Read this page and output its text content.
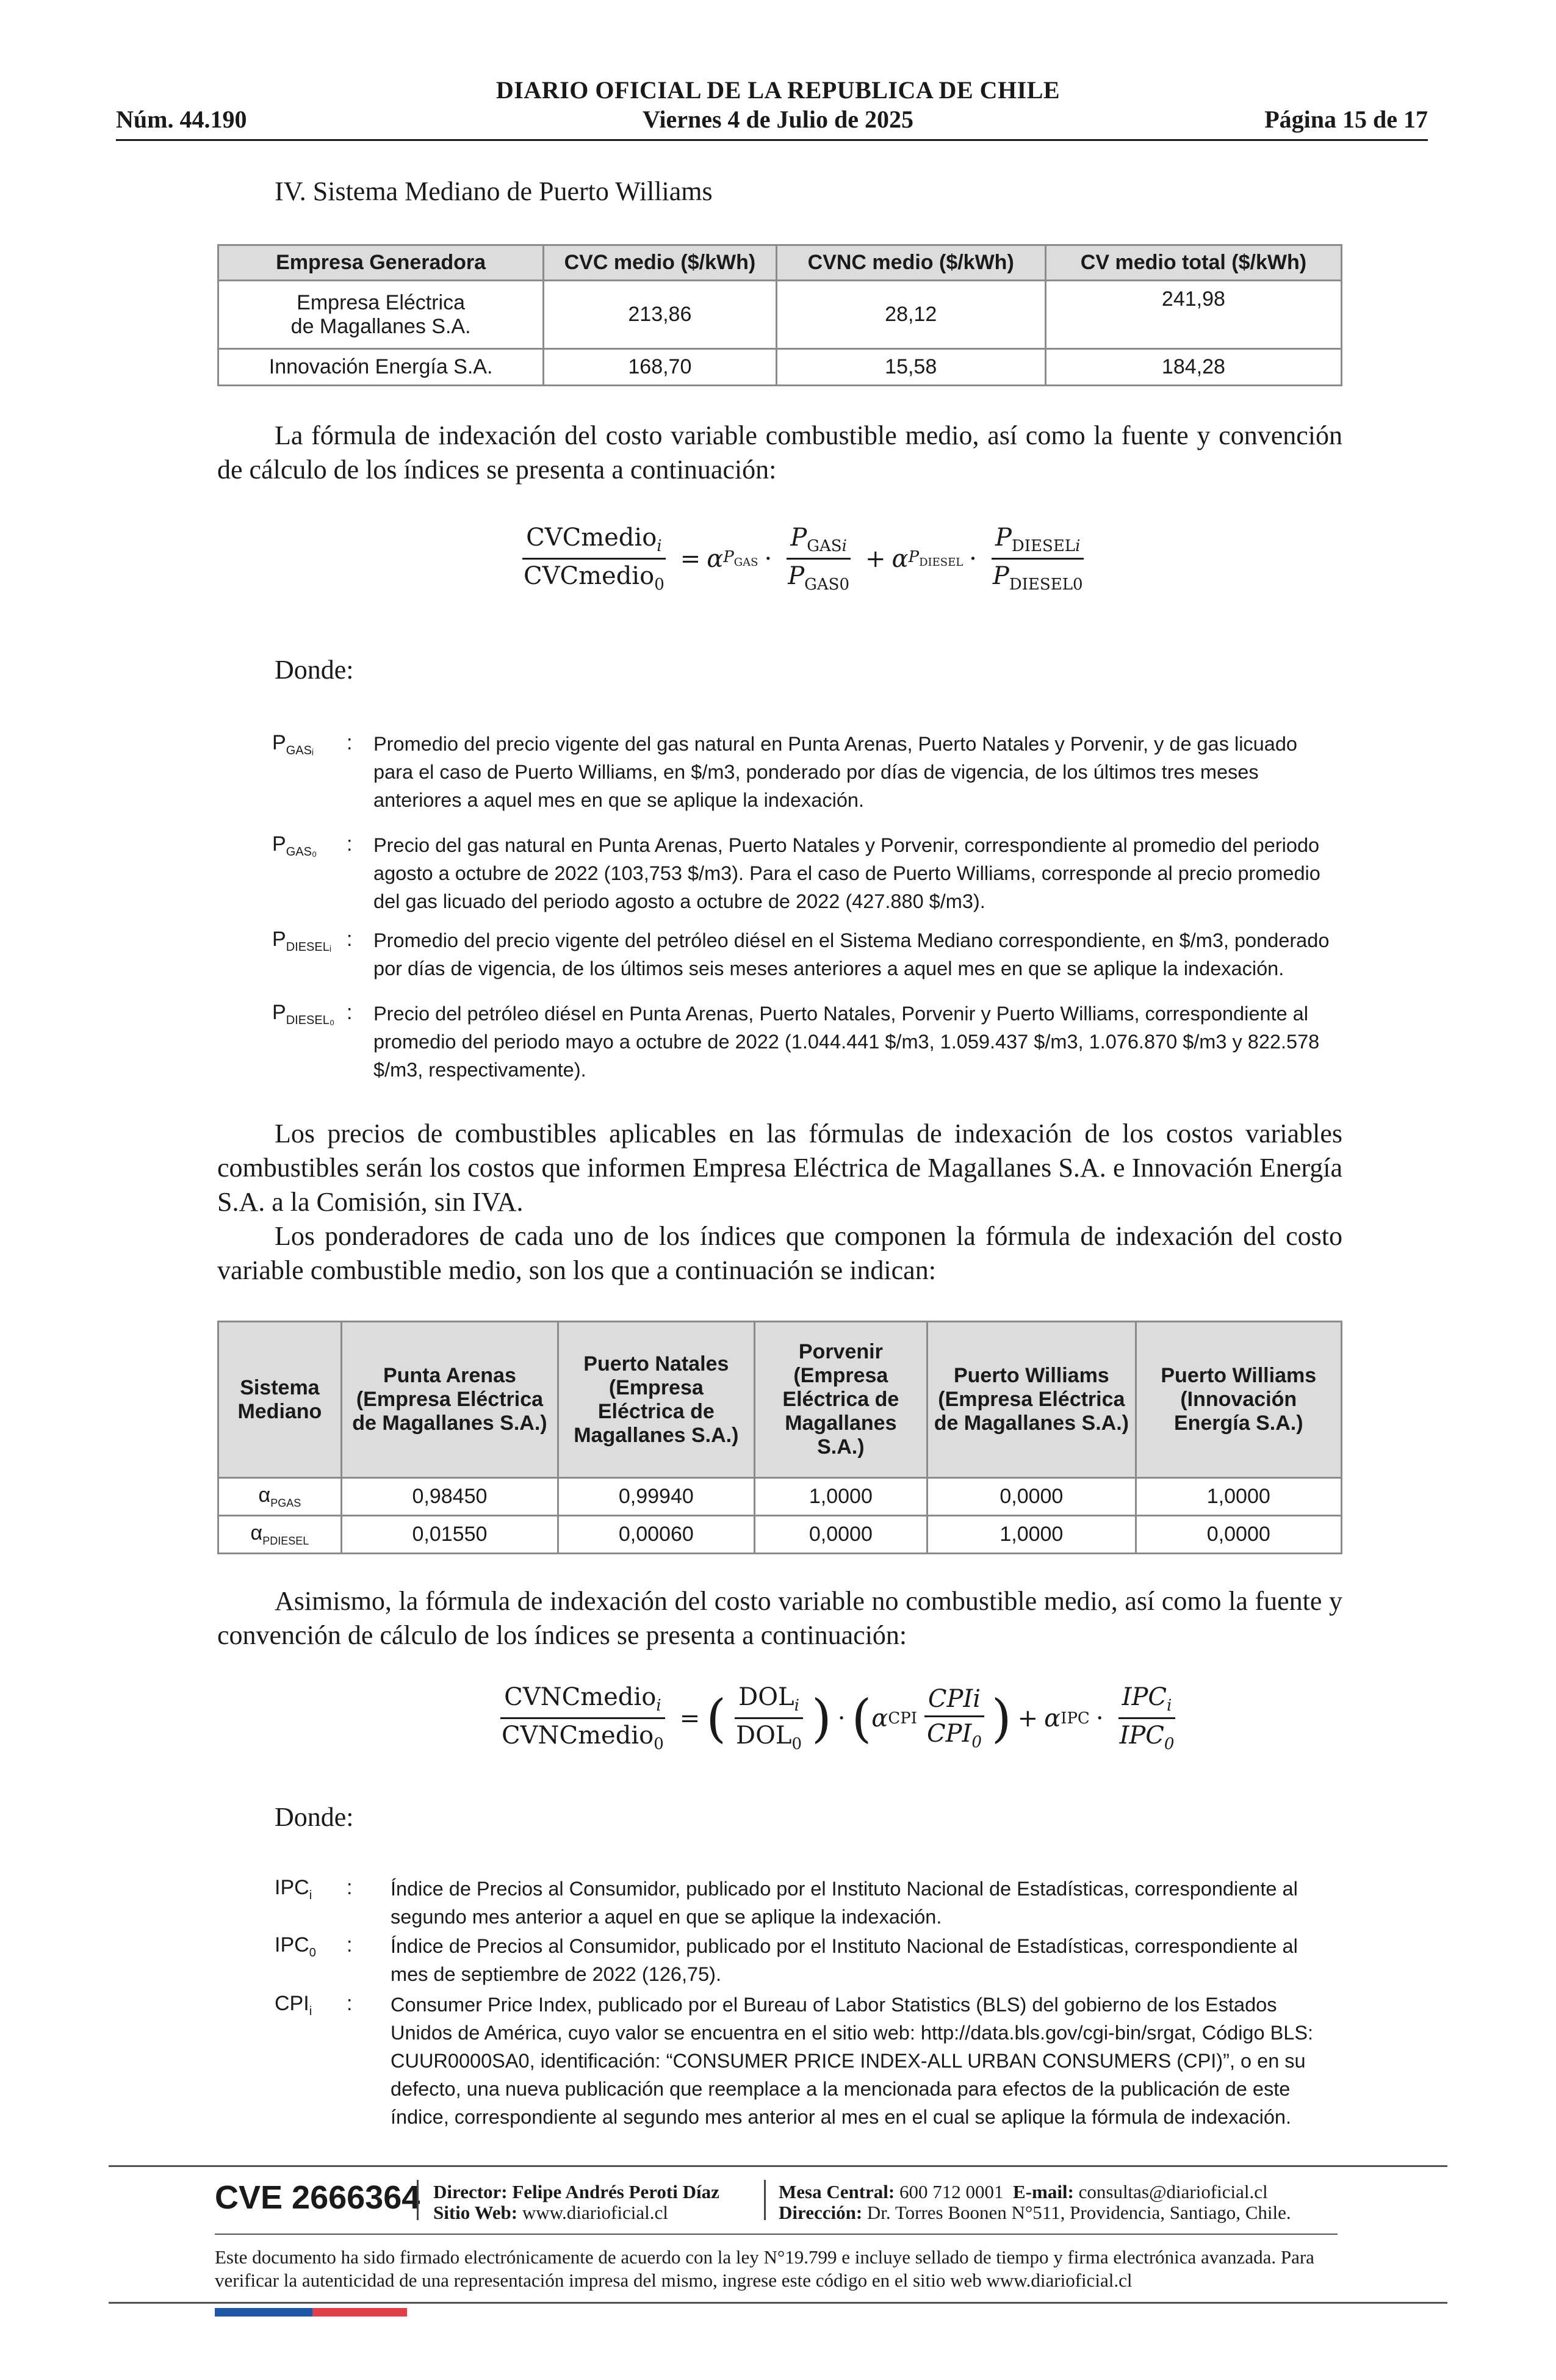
DIARIO OFICIAL DE LA REPUBLICA DE CHILE
Núm. 44.190	Viernes 4 de Julio de 2025	Página 15 de 17
IV. Sistema Mediano de Puerto Williams
Empresa Generadora	CVC medio ($/kWh)	CVNC medio ($/kWh)	CV medio total ($/kWh)

Empresa Eléctrica
de Magallanes S.A.	213,86	28,12	241,98
Innovación Energía S.A.	168,70	15,58	184,28
La fórmula de indexación del costo variable combustible medio, así como la fuente y convención de cálculo de los índices se presenta a continuación:
$\frac{CVCmedio_i}{CVCmedio_0} = \alpha$ $P_{GAS} \cdot \frac{P_{GASi}}{P_{GAS0}} + \alpha$ $P_{DIESEL} \cdot \frac{P_{DIESELi}}{P_{DIESEL0}}$
Donde:
$P_{GASᵢ}$ : Promedio del precio vigente del gas natural en Punta Arenas, Puerto Natales y Porvenir, y de gas licuado para el caso de Puerto Williams, en $/m3, ponderado por días de vigencia, de los últimos tres meses anteriores a aquel mes en que se aplique la indexación.
$P_{GAS_0}$ : Precio del gas natural en Punta Arenas, Puerto Natales y Porvenir, correspondiente al promedio del periodo agosto a octubre de 2022 (103,753 $/m3). Para el caso de Puerto Williams, corresponde al precio promedio del gas licuado del periodo agosto a octubre de 2022 (427.880 $/m3).
$P_{DIESELᵢ}$ : Promedio del precio vigente del petróleo diésel en el Sistema Mediano correspondiente, en $/m3, ponderado por días de vigencia, de los últimos seis meses anteriores a aquel mes en que se aplique la indexación.
$P_{DIESEL_0}$ : Precio del petróleo diésel en Punta Arenas, Puerto Natales, Porvenir y Puerto Williams, correspondiente al promedio del periodo mayo a octubre de 2022 (1.044.441 $/m3, 1.059.437 $/m3, 1.076.870 $/m3 y 822.578 $/m3, respectivamente).
Los precios de combustibles aplicables en las fórmulas de indexación de los costos variables combustibles serán los costos que informen Empresa Eléctrica de Magallanes S.A. e Innovación Energía S.A. a la Comisión, sin IVA.
Los ponderadores de cada uno de los índices que componen la fórmula de indexación del costo variable combustible medio, son los que a continuación se indican:
Sistema Mediano	Punta Arenas (Empresa Eléctrica de Magallanes S.A.)	Puerto Natales (Empresa Eléctrica de Magallanes S.A.)	Porvenir (Empresa Eléctrica de Magallanes S.A.)	Puerto Williams (Empresa Eléctrica de Magallanes S.A.)	Puerto Williams (Innovación Energía S.A.)
$\alpha_{PGAS}$	0,98450	0,99940	1,0000	0,0000	1,0000
$\alpha_{PDIESEL}$	0,01550	0,00060	0,0000	1,0000	0,0000
Asimismo, la fórmula de indexación del costo variable no combustible medio, así como la fuente y convención de cálculo de los índices se presenta a continuación:
$\frac{CVNCmedio_i}{CVNCmedio_0}$ = ( $\frac{DOL_i}{DOL_0}$ ) · ( α CPI $\frac{\text{CPIi}}{CPI_0}$ ) + α IPC · $\frac{IPC_i}{IPC_0}$
Donde:
$IPC_i$ : Índice de Precios al Consumidor, publicado por el Instituto Nacional de Estadísticas, correspondiente al segundo mes anterior a aquel en que se aplique la indexación.
$IPC_0$ : Índice de Precios al Consumidor, publicado por el Instituto Nacional de Estadísticas, correspondiente al mes de septiembre de 2022 (126,75).
$CPI_i$ : Consumer Price Index, publicado por el Bureau of Labor Statistics (BLS) del gobierno de los Estados Unidos de América, cuyo valor se encuentra en el sitio web: http://data.bls.gov/cgi-bin/srgat, Código BLS: CUUR0000SA0, identificación: “CONSUMER PRICE INDEX-ALL URBAN CONSUMERS (CPI)”, o en su defecto, una nueva publicación que reemplace a la mencionada para efectos de la publicación de este índice, correspondiente al segundo mes anterior al mes en el cual se aplique la fórmula de indexación.
CVE 2666364 Director: Felipe Andrés Peroti Díaz
Sitio Web: www.diarioficial.cl
Mesa Central: 600 712 0001 E-mail: consultas@diarioficial.cl
Dirección: Dr. Torres Boonen N°511, Providencia, Santiago, Chile.
Este documento ha sido firmado electrónicamente de acuerdo con la ley N°19.799 e incluye sellado de tiempo y firma electrónica avanzada. Para verificar la autenticidad de una representación impresa del mismo, ingrese este código en el sitio web www.diarioficial.cl
